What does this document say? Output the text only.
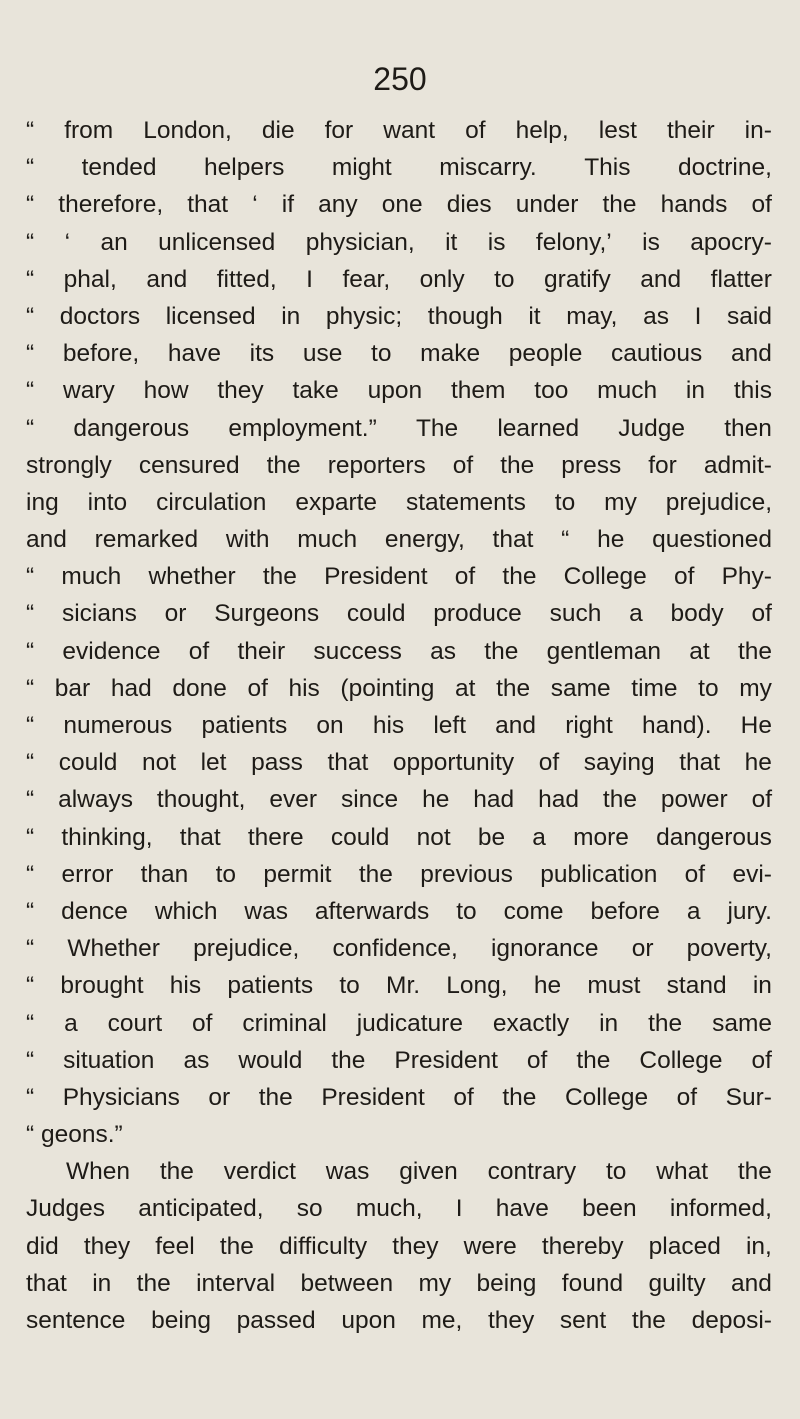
250
“ from London, die for want of help, lest their in-
“ tended helpers might miscarry. This doctrine,
“ therefore, that ‘ if any one dies under the hands of
“ ‘ an unlicensed physician, it is felony,’ is apocry-
“ phal, and fitted, I fear, only to gratify and flatter
“ doctors licensed in physic; though it may, as I said
“ before, have its use to make people cautious and
“ wary how they take upon them too much in this
“ dangerous employment.” The learned Judge then
strongly censured the reporters of the press for admit-
ing into circulation exparte statements to my prejudice,
and remarked with much energy, that “ he questioned
“ much whether the President of the College of Phy-
“ sicians or Surgeons could produce such a body of
“ evidence of their success as the gentleman at the
“ bar had done of his (pointing at the same time to my
“ numerous patients on his left and right hand). He
“ could not let pass that opportunity of saying that he
“ always thought, ever since he had had the power of
“ thinking, that there could not be a more dangerous
“ error than to permit the previous publication of evi-
“ dence which was afterwards to come before a jury.
“ Whether prejudice, confidence, ignorance or poverty,
“ brought his patients to Mr. Long, he must stand in
“ a court of criminal judicature exactly in the same
“ situation as would the President of the College of
“ Physicians or the President of the College of Sur-
“ geons.”
When the verdict was given contrary to what the
Judges anticipated, so much, I have been informed,
did they feel the difficulty they were thereby placed in,
that in the interval between my being found guilty and
sentence being passed upon me, they sent the deposi-
